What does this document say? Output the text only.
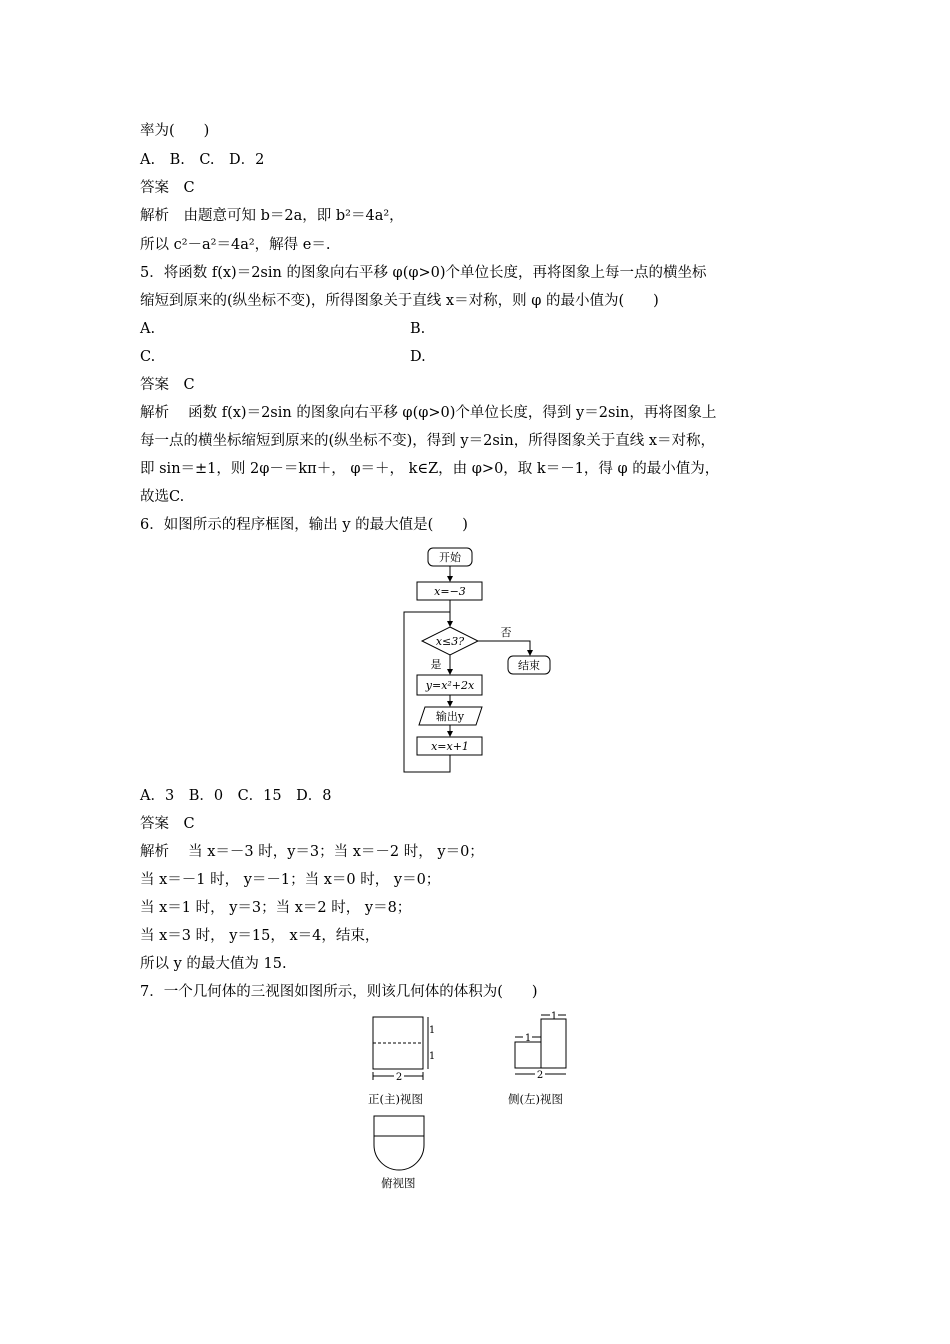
率为(　　)
A.　B.　C.　D．2
答案　C
解析　由题意可知 b＝2a，即 b²＝4a²，
所以 c²－a²＝4a²，解得 e＝.
5．将函数 f(x)＝2sin 的图象向右平移 φ(φ>0)个单位长度，再将图象上每一点的横坐标
缩短到原来的(纵坐标不变)，所得图象关于直线 x＝对称，则 φ 的最小值为(　　)
A.	B.
C.	D.
答案　C
解析　 函数 f(x)＝2sin 的图象向右平移 φ(φ>0)个单位长度，得到 y＝2sin，再将图象上
每一点的横坐标缩短到原来的(纵坐标不变)，得到 y＝2sin，所得图象关于直线 x＝对称，
即 sin＝±1，则 2φ－＝kπ＋， φ＝＋， k∈Z，由 φ>0，取 k＝－1，得 φ 的最小值为，
故选C.
6．如图所示的程序框图，输出 y 的最大值是(　　)
开始
x=−3
x≤3?
否
是	结束
y=x²+2x
输出y
x=x+1
A．3　B．0　C．15　D．8
答案　C
解析　 当 x＝－3 时，y＝3；当 x＝－2 时， y＝0；
当 x＝－1 时， y＝－1；当 x＝0 时， y＝0；
当 x＝1 时， y＝3；当 x＝2 时， y＝8；
当 x＝3 时， y＝15， x＝4，结束，
所以 y 的最大值为 15.
7．一个几何体的三视图如图所示，则该几何体的体积为(　　)
1
1
2
正(主)视图
1
1
2
侧(左)视图
俯视图
